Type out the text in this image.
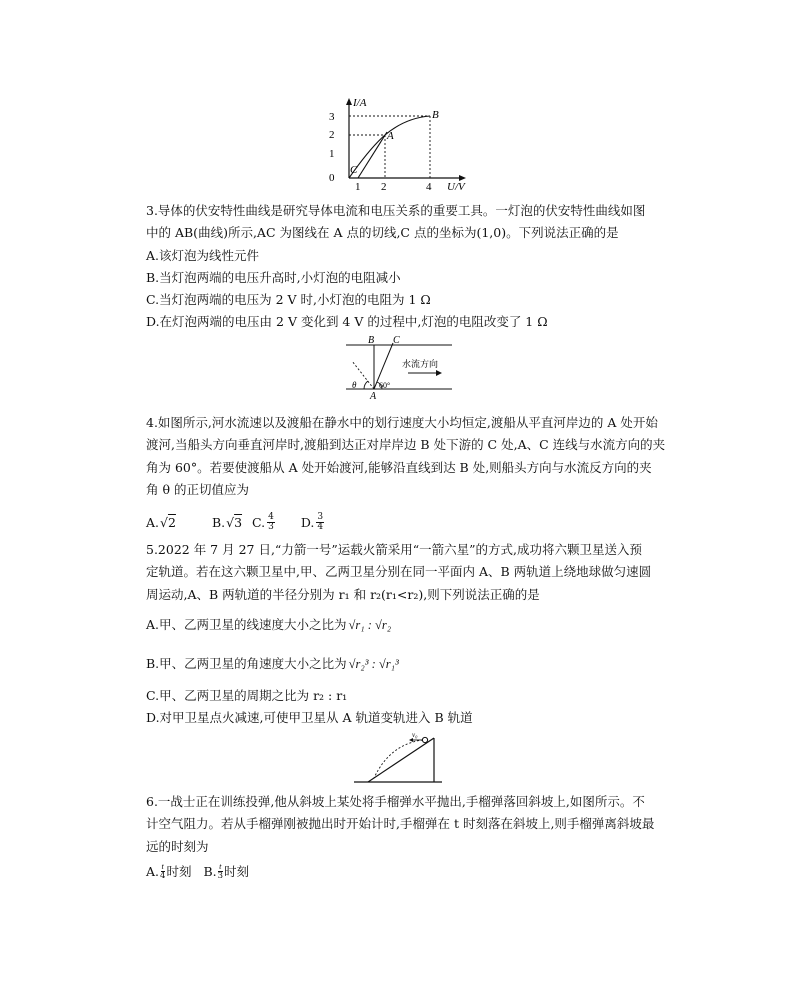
I/A
U/V
3
2
1
0
1 2	4
A
B
C
3.导体的伏安特性曲线是研究导体电流和电压关系的重要工具。一灯泡的伏安特性曲线如图
中的 AB(曲线)所示,AC 为图线在 A 点的切线,C 点的坐标为(1,0)。下列说法正确的是
A.该灯泡为线性元件
B.当灯泡两端的电压升高时,小灯泡的电阻减小
C.当灯泡两端的电压为 2 V 时,小灯泡的电阻为 1 Ω
D.在灯泡两端的电压由 2 V 变化到 4 V 的过程中,灯泡的电阻改变了 1 Ω
B C
A
θ	60°
水流方向
4.如图所示,河水流速以及渡船在静水中的划行速度大小均恒定,渡船从平直河岸边的 A 处开始
渡河,当船头方向垂直河岸时,渡船到达正对岸岸边 B 处下游的 C 处,A、C 连线与水流方向的夹
角为 60°。若要使渡船从 A 处开始渡河,能够沿直线到达 B 处,则船头方向与水流反方向的夹
角 θ 的正切值应为
A. √2	B. √3 C. $\frac{4}{3} D$. $\frac{3}{4}$
5.2022 年 7 月 27 日,“力箭一号”运载火箭采用“一箭六星”的方式,成功将六颗卫星送入预
定轨道。若在这六颗卫星中,甲、乙两卫星分别在同一平面内 A、B 两轨道上绕地球做匀速圆
周运动,A、B 两轨道的半径分别为 r₁ 和 r₂(r₁<r₂),则下列说法正确的是
A.甲、乙两卫星的线速度大小之比为 √r₁ : √r₂
B.甲、乙两卫星的角速度大小之比为 √r₂³ : √r₁³
C.甲、乙两卫星的周期之比为 r₂ : r₁
D.对甲卫星点火减速,可使甲卫星从 A 轨道变轨进入 B 轨道
v₀
6.一战士正在训练投弹,他从斜坡上某处将手榴弹水平抛出,手榴弹落回斜坡上,如图所示。不
计空气阻力。若从手榴弹刚被抛出时开始计时,手榴弹在 t 时刻落在斜坡上,则手榴弹离斜坡最
远的时刻为
A. $\frac{t}{4}$ 时刻 B. $\frac{t}{3}$ 时刻
